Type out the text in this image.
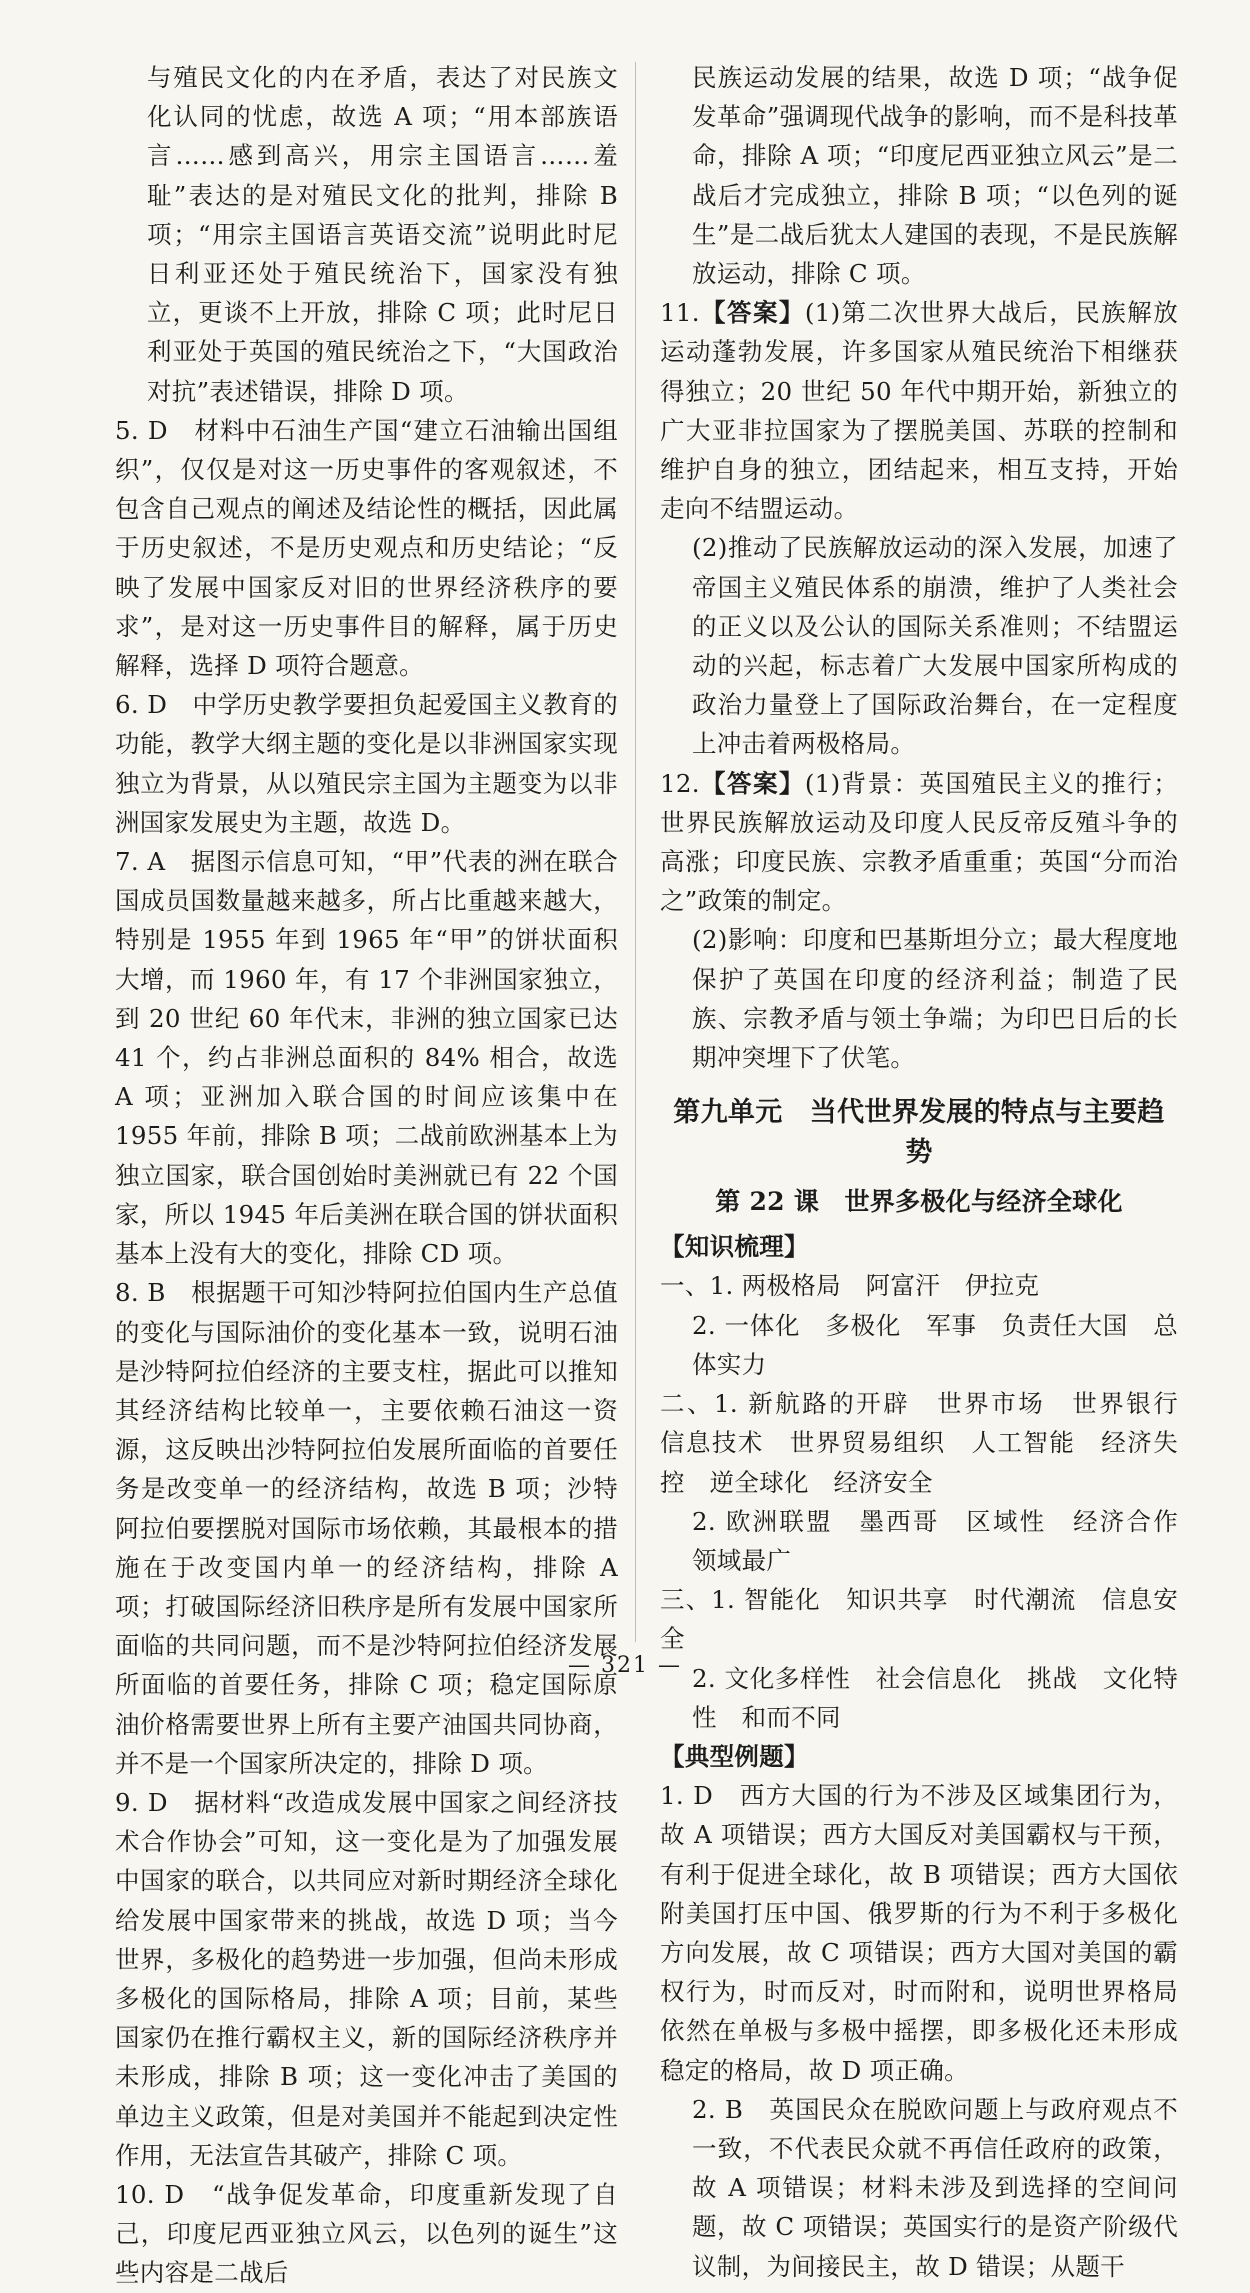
与殖民文化的内在矛盾，表达了对民族文化认同的忧虑，故选 A 项；“用本部族语言……感到高兴，用宗主国语言……羞耻”表达的是对殖民文化的批判，排除 B 项；“用宗主国语言英语交流”说明此时尼日利亚还处于殖民统治下，国家没有独立，更谈不上开放，排除 C 项；此时尼日利亚处于英国的殖民统治之下，“大国政治对抗”表述错误，排除 D 项。

5. D　材料中石油生产国“建立石油输出国组织”，仅仅是对这一历史事件的客观叙述，不包含自己观点的阐述及结论性的概括，因此属于历史叙述，不是历史观点和历史结论；“反映了发展中国家反对旧的世界经济秩序的要求”，是对这一历史事件目的解释，属于历史解释，选择 D 项符合题意。

6. D　中学历史教学要担负起爱国主义教育的功能，教学大纲主题的变化是以非洲国家实现独立为背景，从以殖民宗主国为主题变为以非洲国家发展史为主题，故选 D。

7. A　据图示信息可知，“甲”代表的洲在联合国成员国数量越来越多，所占比重越来越大，特别是 1955 年到 1965 年“甲”的饼状面积大增，而 1960 年，有 17 个非洲国家独立，到 20 世纪 60 年代末，非洲的独立国家已达 41 个，约占非洲总面积的 84% 相合，故选 A 项；亚洲加入联合国的时间应该集中在 1955 年前，排除 B 项；二战前欧洲基本上为独立国家，联合国创始时美洲就已有 22 个国家，所以 1945 年后美洲在联合国的饼状面积基本上没有大的变化，排除 CD 项。

8. B　根据题干可知沙特阿拉伯国内生产总值的变化与国际油价的变化基本一致，说明石油是沙特阿拉伯经济的主要支柱，据此可以推知其经济结构比较单一，主要依赖石油这一资源，这反映出沙特阿拉伯发展所面临的首要任务是改变单一的经济结构，故选 B 项；沙特阿拉伯要摆脱对国际市场依赖，其最根本的措施在于改变国内单一的经济结构，排除 A 项；打破国际经济旧秩序是所有发展中国家所面临的共同问题，而不是沙特阿拉伯经济发展所面临的首要任务，排除 C 项；稳定国际原油价格需要世界上所有主要产油国共同协商，并不是一个国家所决定的，排除 D 项。

9. D　据材料“改造成发展中国家之间经济技术合作协会”可知，这一变化是为了加强发展中国家的联合，以共同应对新时期经济全球化给发展中国家带来的挑战，故选 D 项；当今世界，多极化的趋势进一步加强，但尚未形成多极化的国际格局，排除 A 项；目前，某些国家仍在推行霸权主义，新的国际经济秩序并未形成，排除 B 项；这一变化冲击了美国的单边主义政策，但是对美国并不能起到决定性作用，无法宣告其破产，排除 C 项。

10. D　“战争促发革命，印度重新发现了自己，印度尼西亚独立风云，以色列的诞生”这些内容是二战后

民族运动发展的结果，故选 D 项；“战争促发革命”强调现代战争的影响，而不是科技革命，排除 A 项；“印度尼西亚独立风云”是二战后才完成独立，排除 B 项；“以色列的诞生”是二战后犹太人建国的表现，不是民族解放运动，排除 C 项。

11.【答案】(1)第二次世界大战后，民族解放运动蓬勃发展，许多国家从殖民统治下相继获得独立；20 世纪 50 年代中期开始，新独立的广大亚非拉国家为了摆脱美国、苏联的控制和维护自身的独立，团结起来，相互支持，开始走向不结盟运动。

(2)推动了民族解放运动的深入发展，加速了帝国主义殖民体系的崩溃，维护了人类社会的正义以及公认的国际关系准则；不结盟运动的兴起，标志着广大发展中国家所构成的政治力量登上了国际政治舞台，在一定程度上冲击着两极格局。

12.【答案】(1)背景：英国殖民主义的推行；世界民族解放运动及印度人民反帝反殖斗争的高涨；印度民族、宗教矛盾重重；英国“分而治之”政策的制定。

(2)影响：印度和巴基斯坦分立；最大程度地保护了英国在印度的经济利益；制造了民族、宗教矛盾与领土争端；为印巴日后的长期冲突埋下了伏笔。

第九单元　当代世界发展的特点与主要趋势
第 22 课　世界多极化与经济全球化

【知识梳理】

一、1. 两极格局　阿富汗　伊拉克

2. 一体化　多极化　军事　负责任大国　总体实力

二、1. 新航路的开辟　世界市场　世界银行　信息技术　世界贸易组织　人工智能　经济失控　逆全球化　经济安全

2. 欧洲联盟　墨西哥　区域性　经济合作　领域最广

三、1. 智能化　知识共享　时代潮流　信息安全

2. 文化多样性　社会信息化　挑战　文化特性　和而不同

【典型例题】

1. D　西方大国的行为不涉及区域集团行为，故 A 项错误；西方大国反对美国霸权与干预，有利于促进全球化，故 B 项错误；西方大国依附美国打压中国、俄罗斯的行为不利于多极化方向发展，故 C 项错误；西方大国对美国的霸权行为，时而反对，时而附和，说明世界格局依然在单极与多极中摇摆，即多极化还未形成稳定的格局，故 D 项正确。

2. B　英国民众在脱欧问题上与政府观点不一致，不代表民众就不再信任政府的政策，故 A 项错误；材料未涉及到选择的空间问题，故 C 项错误；英国实行的是资产阶级代议制，为间接民主，故 D 错误；从题干

— 321 —
